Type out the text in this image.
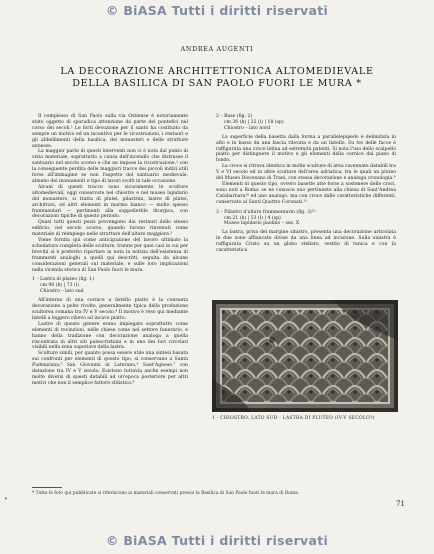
© BiASA Tutti i diritti riservati
ANDREA AUGENTI
LA DECORAZIONE ARCHITETTONICA ALTOMEDIEVALE
DELLA BASILICA DI SAN PAOLO FUORI LE MURA *

Il complesso di San Paolo sulla via Ostiense è notoriamente stato oggetto di sporadica attenzione da parte dei pontefici nel corso dei secoli.¹ Le forti devozione per il santo ha costituito da sempre un motivo ed un incentivo per le ricostruzioni, i restauri e gli abbellimenti della basilica, dei monasteri e delle strutture annesse.

La maggior parte di questi interventi non ci è nota dal punto di vista materiale, soprattutto a causa dell'incendio che distrusse il santuario nel secolo scorso e che ne impose la ricostruzione,² con la conseguente perdita delle maggiori tracce dei piccoli indizi utili forse all'immagine se non l'aspetto del santuario medievale, almeno dei monumenti e tipo di lavori svolti in tale occasione.

Alcuni di questi tracce sono sicuramente le sculture altomedievali, oggi conservate nel chiostro e nel museo lapidario del monastero, si tratta di plutei, pilastrini, lastre di plutei, architravi, ed altri elementi in marmo bianco — molto spesso frammentari — pertinenti alla suppellettile liturgica, con decorazioni tipiche di questo periodo.

Quasi tutti questi pezzi provengono dai restauri dello stesso edificio, nel secolo scorso, quando furono rinvenuti come materiale di reimpiego nelle strutture dell'altare maggiore.³

Viene fornita qui come anticipazione del lavoro ultimato la schedatura completa delle sculture, tranne per quei casi in cui per brevità si è preferito riportare in nota la notizia dell'esistenza di frammenti analoghi a quelli qui descritti, seguita da alcune considerazioni generali sul materiale, e sulle loro implicazioni nella vicenda storica di San Paolo fuori le mura.

1 – Lastra di pluteo (fig. 1)
cm 98 (h) | 73 (l)
Chiostro – lato sud

All'interno di una cornice a listello piatto è la consueta decorazione a pelte rivolte, generalmente tipica della produzione scultorea romana tra IV e V secolo.⁴ Il motivo è reso qui mediante listelli a leggero rilievo ad incavo piatto.

Lastre di questo genere erano impiegate soprattutto come elementi di recinzioni, nelle chiese come nel settore funerario, e hanno della tradizione con decorazione analoga a quella riscontrata in altri siti paleocristiani e in uno dei fori circolari visibili nella zona superiore della lastra.

Sculture simili, per quanto possa essere utile una sintesi basata sui confronti per elementi di questo tipo, si conservano a Santa Pudenziana,⁵ San Giovanni in Laterano,⁶ Sant'Agnese,⁷ con datazione tra IV e V secolo. Esistono tuttavia anche esempi non molto diversi di questi databili ad un'epoca posteriore per altri motivi che non il semplice fattore stilistico.⁸

2 – Base (fig. 2)
cm 36 (h) | 22 (l) | 18 (sp)
Chiostro – lato nord

La superficie della basetta dalla forma a parallelepipedo è delimitata in alto e in basso da una fascia rilevata e da un listello. Su tre delle facce è raffigurata una croce latina ad estremità patenti. Si nota l'uso dello scalpello piatto per distinguere il motivo e gli elementi della cornice dal piano di fondo.

La croce si ritrova identica in molte sculture di area ravennate databili tra V e VI secolo ed in altre sculture dell'area adriatica, tra le quali un pluteo del Museo Diocesano di Trani, con stessa decorazione e analoga cronologia.⁹

Elementi di questo tipo, ovvero basette atte forse a sostenere delle croci, sono noti a Roma: se ne conosce uno pertinente alla chiesa di Sant'Andrea Catabarbara¹⁰ ed uno analogo, ma con croce dalle caratteristiche differenti, conservato al Santi Quattro Coronati.¹¹

3 – Pilastro d'altare frammentario (fig. 3)¹²
cm 21 (h) | 53 (l) | 4 (sp)
Museo lapidario paolino – sez. X

La lastra, priva del margine sinistro, presenta una decorazione articolata in due zone affiancate divise da una linea ad incisione. Sulla sinistra è raffigurata Cristo su un globo stellato, vestito di tunica e con la caratteristica

1 - CHIOSTRO, LATO SUD - LASTRA DI PLUTEO (IV-V SECOLO?)
* Tutte le foto qui pubblicate si riferiscono ai materiali conservati presso la Basilica di San Paolo fuori le mura di Roma.
71
•
© BiASA Tutti i diritti riservati
